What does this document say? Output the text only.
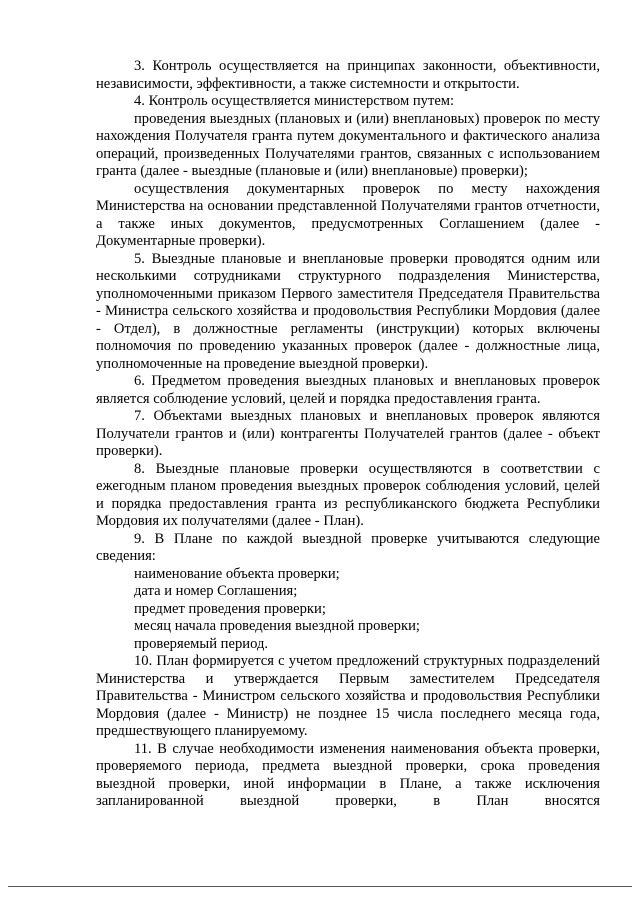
3. Контроль осуществляется на принципах законности, объективности, независимости, эффективности, а также системности и открытости.

4. Контроль осуществляется министерством путем:

проведения выездных (плановых и (или) внеплановых) проверок по месту нахождения Получателя гранта путем документального и фактического анализа операций, произведенных Получателями грантов, связанных с использованием гранта (далее - выездные (плановые и (или) внеплановые) проверки);

осуществления документарных проверок по месту нахождения Министерства на основании представленной Получателями грантов отчетности, а также иных документов, предусмотренных Соглашением (далее - Документарные проверки).

5. Выездные плановые и внеплановые проверки проводятся одним или несколькими сотрудниками структурного подразделения Министерства, уполномоченными приказом Первого заместителя Председателя Правительства - Министра сельского хозяйства и продовольствия Республики Мордовия (далее - Отдел), в должностные регламенты (инструкции) которых включены полномочия по проведению указанных проверок (далее - должностные лица, уполномоченные на проведение выездной проверки).

6. Предметом проведения выездных плановых и внеплановых проверок является соблюдение условий, целей и порядка предоставления гранта.

7. Объектами выездных плановых и внеплановых проверок являются Получатели грантов и (или) контрагенты Получателей грантов (далее - объект проверки).

8. Выездные плановые проверки осуществляются в соответствии с ежегодным планом проведения выездных проверок соблюдения условий, целей и порядка предоставления гранта из республиканского бюджета Республики Мордовия их получателями (далее - План).

9. В Плане по каждой выездной проверке учитываются следующие сведения:

наименование объекта проверки;

дата и номер Соглашения;

предмет проведения проверки;

месяц начала проведения выездной проверки;

проверяемый период.

10. План формируется с учетом предложений структурных подразделений Министерства и утверждается Первым заместителем Председателя Правительства - Министром сельского хозяйства и продовольствия Республики Мордовия (далее - Министр) не позднее 15 числа последнего месяца года, предшествующего планируемому.

11. В случае необходимости изменения наименования объекта проверки, проверяемого периода, предмета выездной проверки, срока проведения выездной проверки, иной информации в Плане, а также исключения запланированной выездной проверки, в План вносятся
